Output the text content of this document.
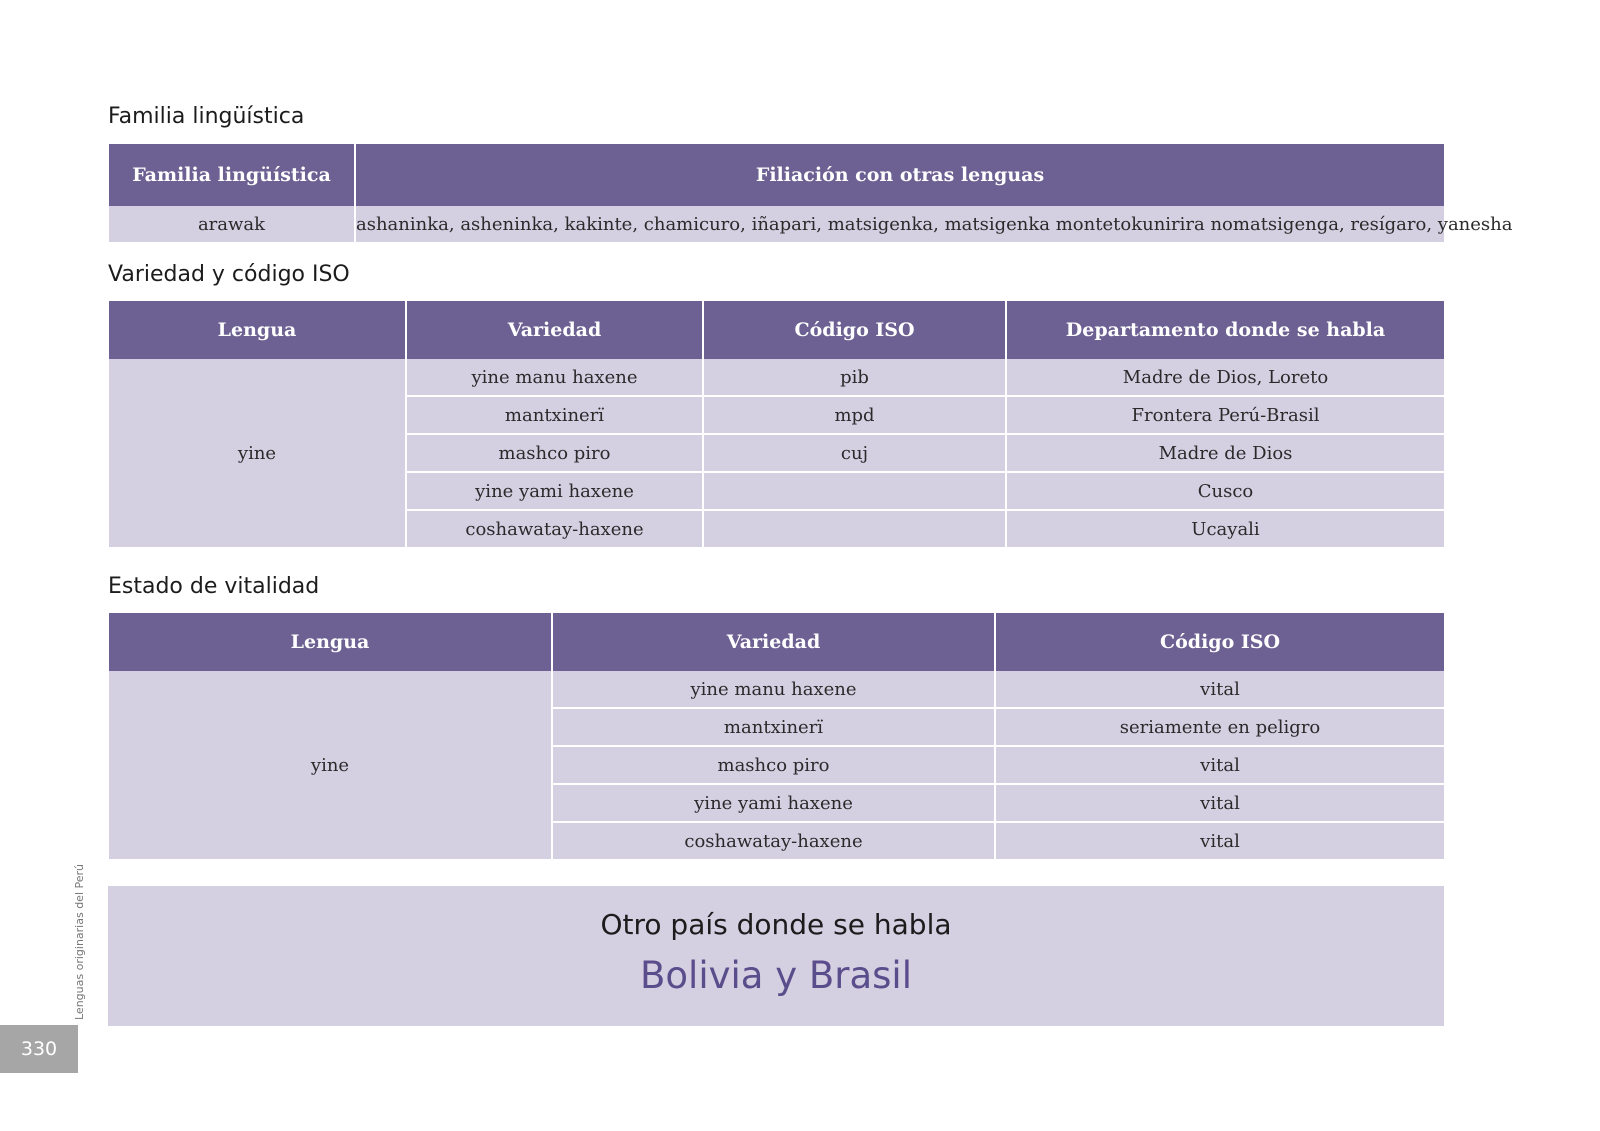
Familia lingüística
Familia lingüística	Filiación con otras lenguas
arawak	ashaninka, asheninka, kakinte, chamicuro, iñapari, matsigenka, matsigenka montetokunirira nomatsigenga, resígaro, yanesha
Variedad y código ISO
Lengua	Variedad	Código ISO	Departamento donde se habla
yine	yine manu haxene	pib	Madre de Dios, Loreto
	mantxinerï	mpd	Frontera Perú-Brasil
	mashco piro	cuj	Madre de Dios
	yine yami haxene		Cusco
	coshawatay-haxene		Ucayali
Estado de vitalidad
Lengua	Variedad	Código ISO
yine	yine manu haxene	vital
	mantxinerï	seriamente en peligro
	mashco piro	vital
	yine yami haxene	vital
	coshawatay-haxene	vital
Otro país donde se habla
Bolivia y Brasil
Lenguas originarias del Perú
330
